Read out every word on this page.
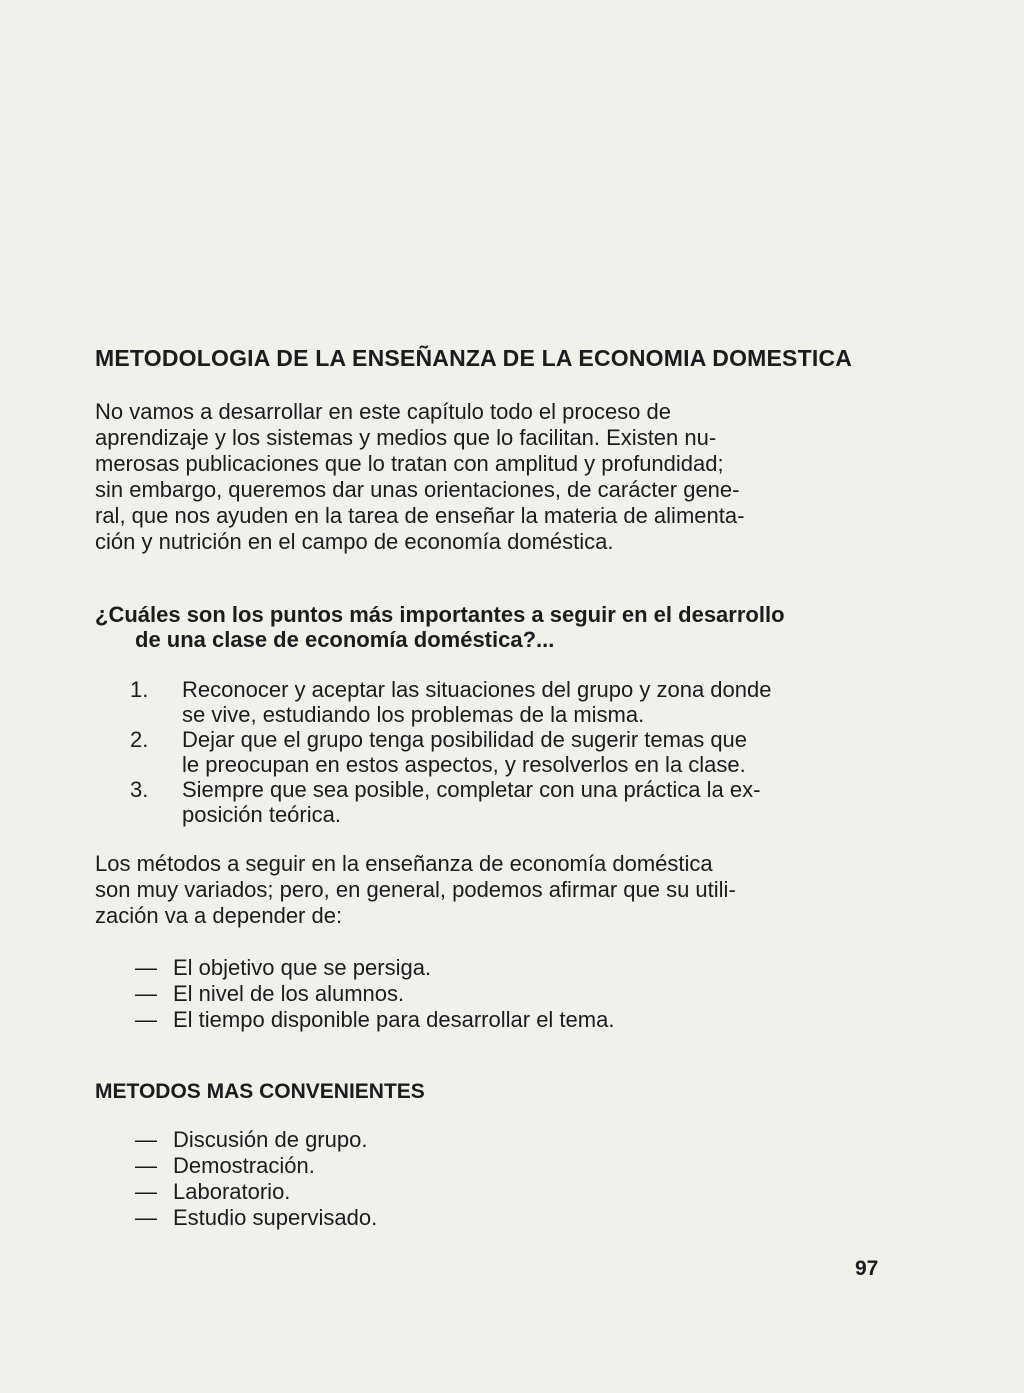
METODOLOGIA DE LA ENSEÑANZA DE LA ECONOMIA DOMESTICA
No vamos a desarrollar en este capítulo todo el proceso de
aprendizaje y los sistemas y medios que lo facilitan. Existen nu-
merosas publicaciones que lo tratan con amplitud y profundidad;
sin embargo, queremos dar unas orientaciones, de carácter gene-
ral, que nos ayuden en la tarea de enseñar la materia de alimenta-
ción y nutrición en el campo de economía doméstica.
¿Cuáles son los puntos más importantes a seguir en el desarrollo
de una clase de economía doméstica?...
1. Reconocer y aceptar las situaciones del grupo y zona donde
se vive, estudiando los problemas de la misma.
2. Dejar que el grupo tenga posibilidad de sugerir temas que
le preocupan en estos aspectos, y resolverlos en la clase.
3. Siempre que sea posible, completar con una práctica la ex-
posición teórica.
Los métodos a seguir en la enseñanza de economía doméstica
son muy variados; pero, en general, podemos afirmar que su utili-
zación va a depender de:
— El objetivo que se persiga.
— El nivel de los alumnos.
— El tiempo disponible para desarrollar el tema.
METODOS MAS CONVENIENTES
— Discusión de grupo.
— Demostración.
— Laboratorio.
— Estudio supervisado.
97
